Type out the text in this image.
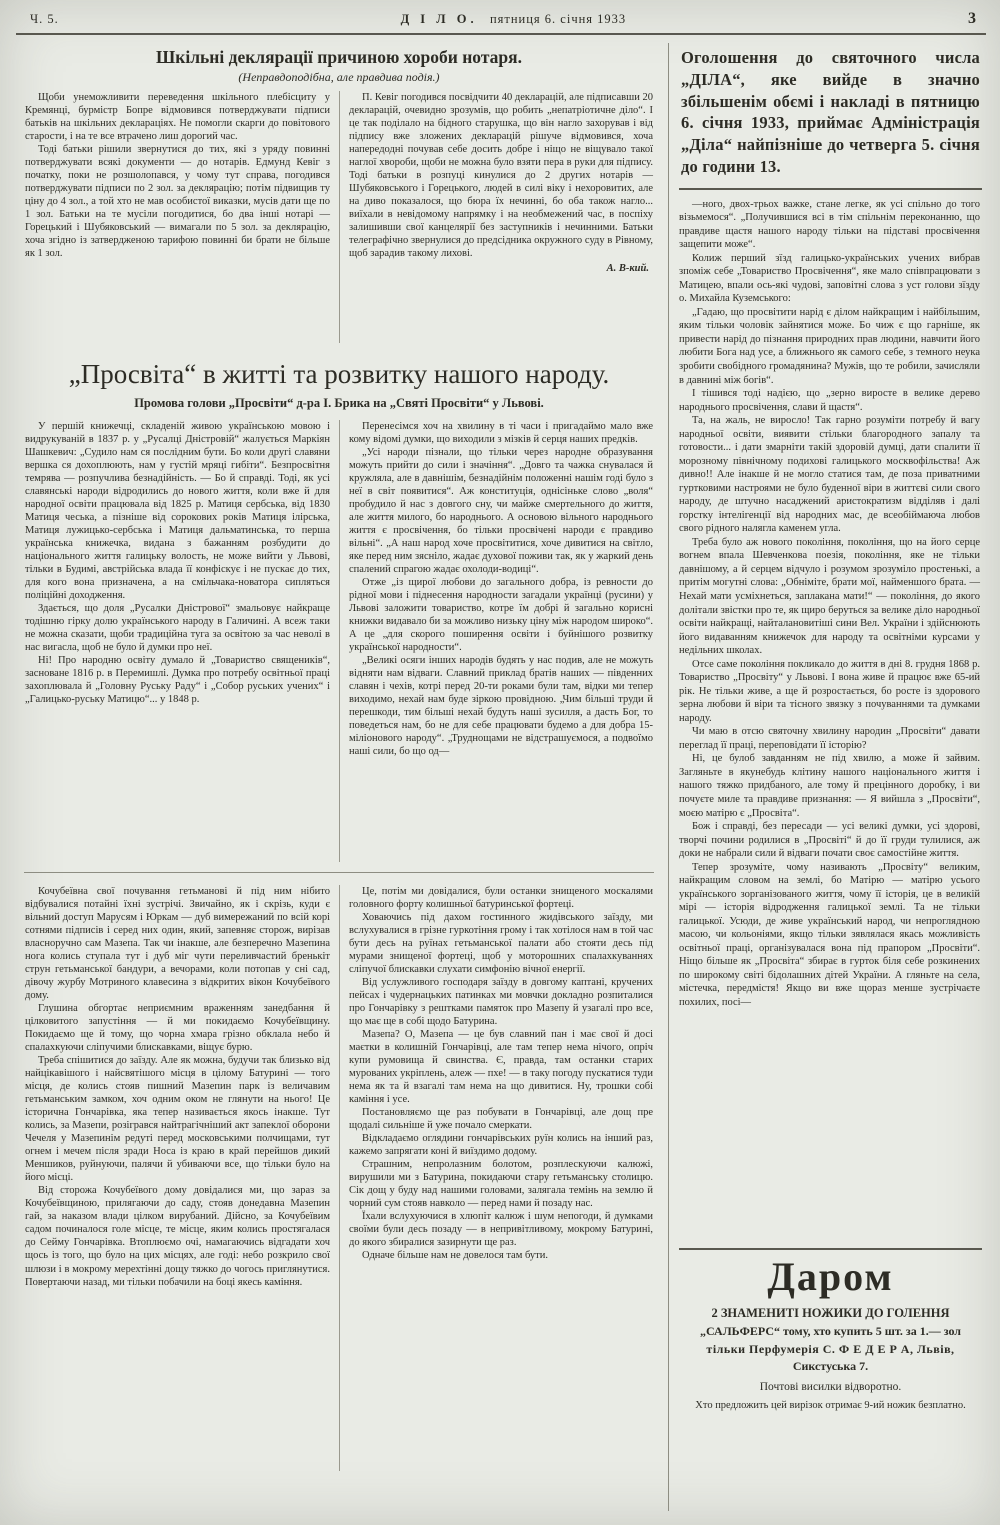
Ч. 5.	Д І Л О. пятниця 6. січня 1933	3
Шкільні деклярації причиною хороби нотаря.
(Неправдоподібна, але правдива подія.)

Щоби унеможливити переведення шкільного плебісциту у Кремянці, бурмістр Бопре відмовився потверджувати підписи батьків на шкільних деклараціях. Не помогли скарги до повітового старости, і на те все втрачено лиш дорогий час.

Тоді батьки рішили звернутися до тих, які з уряду повинні потверджувати всякі документи — до нотарів. Едмунд Кевіг з початку, поки не розшолопався, у чому тут справа, погодився потверджувати підписи по 2 зол. за деклярацію; потім підвищив ту ціну до 4 зол., а той хто не мав особистої виказки, мусів дати ще по 1 зол. Батьки на те мусіли погодитися, бо два інші нотарі — Горецький і Шубяковський — вимагали по 5 зол. за деклярацію, хоча згідно із затвердженою тарифою повинні би брати не більше як 1 зол.

П. Кевіг погодився посвідчити 40 декларацій, але підписавши 20 декларацій, очевидно зрозумів, що робить „непатріотичне діло“. І це так поділало на бідного старушка, що він нагло захорував і від підпису вже зложених декларацій рішуче відмовився, хоча напередодні почував себе досить добре і ніщо не віщувало такої наглої хвороби, щоби не можна було взяти пера в руки для підпису. Тоді батьки в розпуці кинулися до 2 других нотарів — Шубяковського і Горецького, людей в силі віку і нехоровитих, але на диво показалося, що бюра їх нечинні, бо оба також нагло... виїхали в невідомому напрямку і на необмежений час, в поспіху залишивши свої канцелярії без заступників і нечинними. Батьки телеграфічно звернулися до предсідника окружного суду в Рівному, щоб зарадив такому лихові.

А. В-кий.
„Просвіта“ в житті та розвитку нашого народу.
Промова голови „Просвіти“ д-ра І. Брика на „Святі Просвіти“ у Львові.

У першій книжечці, складеній живою українською мовою і видрукуваній в 1837 р. у „Русалці Дністровій“ жалується Маркіян Шашкевич: „Судило нам ся послідним бути. Бо коли другі славяни вершка ся дохоплюють, нам у густій мряці гибіти“. Безпросвітня темрява — розпучлива безнадійність. — Бо й справді. Тоді, як усі славянські народи відродились до нового життя, коли вже й для народної освіти працювала від 1825 р. Матиця сербська, від 1830 Матиця чеська, а пізніше від сорокових років Матиця ілірська, Матиця лужицько-сербська і Матиця дальматинська, то перша українська книжечка, видана з бажанням розбудити до національного життя галицьку волость, не може вийти у Львові, тільки в Будимі, австрійська влада її конфіскує і не пускає до тих, для кого вона призначена, а на смільчака-новатора сипляться поліційні доходження.

Здається, що доля „Русалки Дністрової“ змальовує найкраще тодішню гірку долю українського народу в Галичині. А всеж таки не можна сказати, щоби традиційна туга за освітою за час неволі в нас вигасла, щоб не було й думки про неї.

Ні! Про народню освіту думало й „Товариство священиків“, засноване 1816 р. в Перемишлі. Думка про потребу освітньої праці захоплювала й „Головну Руську Раду“ і „Собор руських учених“ і „Галицько-руську Матицю“... у 1848 р.

Перенесімся хоч на хвилину в ті часи і пригадаймо мало вже кому відомі думки, що виходили з мізків й серця наших предків.

„Усі народи пізнали, що тільки через народне образування можуть прийти до сили і значіння“. „Довго та чажка снувалася й кружляла, але в давнішім, безнадійнім положенні нашім годі було з неї в світ появитися“. Аж конституція, однісіньке слово „воля“ пробудило й нас з довгого сну, чи майже смертельного до життя, але життя милого, бо народнього. А основою вільного народнього життя є просвічення, бо тільки просвічені народи є правдиво вільні“. „А наш народ хоче просвітитися, хоче дивитися на світло, яке перед ним зясніло, жадає духової поживи так, як у жаркий день спалений спрагою жадає охолоди-водиці“.

Отже „із щирої любови до загального добра, із ревности до рідної мови і піднесення народности загадали українці (русини) у Львові заложити товариство, котре їм добрі й загально корисні книжки видавало би за можливо низьку ціну між народом широко“. А це „для скорого поширення освіти і буйнішого розвитку української народности“.

„Великі осяги інших народів будять у нас подив, але не можуть відняти нам відваги. Славний приклад братів наших — південних славян і чехів, котрі перед 20-ти роками були там, відки ми тепер виходимо, нехай нам буде зіркою провідною. „Чим більші труди й перешкоди, тим більші нехай будуть наші зусилля, а дасть Бог, то поведеться нам, бо не для себе працювати будемо а для добра 15-міліонового народу“. „Труднощами не відстрашуємося, а подвоїмо наші сили, бо що од—

Кочубеївна свої почування гетьманові й під ним нібито відбувалися потайні їхні зустрічі. Звичайно, як і скрізь, куди є вільний доступ Марусям і Юркам — дуб вимережаний по всій корі сотнями підписів і серед них один, який, запевняє сторож, вирізав власноручно сам Мазепа. Так чи інакше, але безперечно Мазепина нога колись ступала тут і дуб міг чути переливчастий бренькіт струн гетьманської бандури, а вечорами, коли потопав у сні сад, дівочу журбу Мотриного клавесина з відкритих вікон Кочубеївого дому.

Глушина обгортає неприємним враженням занедбання й цілковитого запустіння — й ми покидаємо Кочубеївщину. Покидаємо ще й тому, що чорна хмара грізно обклала небо й спалахкуючи сліпучими блискавками, віщує бурю.

Треба спішитися до заїзду. Але як можна, будучи так близько від найцікавішого і найсвятішого місця в цілому Батурині — того місця, де колись стояв пишний Мазепин парк із величавим гетьманським замком, хоч одним оком не глянути на нього! Це історична Гончарівка, яка тепер називається якось інакше. Тут колись, за Мазепи, розігрався найтрагічніший акт запеклої оборони Чечеля у Мазепинім редуті перед московськими полчищами, тут огнем і мечем після зради Носа із краю в край перейшов дикий Меншиков, руйнуючи, палячи й убиваючи все, що тільки було на його місці.

Від сторожа Кочубеївого дому довідалися ми, що зараз за Кочубеївщиною, прилягаючи до саду, стояв донедавна Мазепин гай, за наказом влади цілком вирубаний. Дійсно, за Кочубеївим садом починалося голе місце, те місце, яким колись простягалася до Сейму Гончарівка. Втоплюємо очі, намагаючись відгадати хоч щось із того, що було на цих місцях, але годі: небо розкрило свої шлюзи і в мокрому мерехтінні дощу тяжко до чогось приглянутися. Повертаючи назад, ми тільки побачили на боці якесь каміння.

Це, потім ми довідалися, були останки знищеного москалями головного форту колишньої батуринської фортеці.

Ховаючись під дахом гостинного жидівського заїзду, ми вслухувалися в грізне гуркотіння грому і так хотілося нам в той час бути десь на руїнах гетьманської палати або стояти десь під мурами знищеної фортеці, щоб у моторошних спалахкуваннях сліпучої блискавки слухати симфонію вічної енергії.

Від услужливого господаря заїзду в довгому каптані, кручених пейсах і чудернацьких патинках ми мовчки докладно розпиталися про Гончарівку з рештками памяток про Мазепу й узагалі про все, що має ще в собі щодо Батурина.

Мазепа? О, Мазепа — це був славний пан і має свої й досі маєтки в колишній Гончарівці, але там тепер нема нічого, опріч купи румовища й свинства. Є, правда, там останки старих мурованих укріплень, алеж — пхе! — в таку погоду пускатися туди нема як та й взагалі там нема на що дивитися. Ну, трошки собі каміння і усе.

Постановляємо ще раз побувати в Гончарівці, але дощ пре щодалі сильніше й уже почало смеркати.

Відкладаємо оглядини гончарівських руїн колись на інший раз, кажемо запрягати коні й виїздимо додому.

Страшним, непролазним болотом, розплескуючи калюжі, вирушили ми з Батурина, покидаючи стару гетьманську столицю. Сік дощ у буду над нашими головами, залягала темінь на землю й чорний сум стояв навколо — перед нами й позаду нас.

Їхали вслухуючися в хлюпіт калюж і шум непогоди, й думками своїми були десь позаду — в непривітливому, мокрому Батурині, до якого збиралися зазирнути ще раз.

Одначе більше нам не довелося там бути.

Оголошення до святочного числа „ДІЛА“, яке вийде в значно збільшенім обємі і накладі в пятницю 6. січня 1933, приймає Адміністрація „Діла“ найпізніше до четверга 5. січня до години 13.

—ного, двох-трьох важке, стане легке, як усі спільно до того візьмемося“. „Получившися всі в тім спільнім переконанню, що правдиве щастя нашого народу тільки на підставі просвічення защепити може“.

Колиж перший зїзд галицько-українських учених вибрав зпоміж себе „Товариство Просвічення“, яке мало співпрацювати з Матицею, впали ось-які чудові, заповітні слова з уст голови зїзду о. Михайла Куземського:

„Гадаю, що просвітити нарід є ділом найкращим і найбільшим, яким тільки чоловік зайнятися може. Бо чиж є що гарніше, як привести нарід до пізнання природних прав людини, навчити його любити Бога над усе, а ближнього як самого себе, з темного неука зробити свобідного громадянина? Мужів, що те робили, зачисляли в давнині між богів“.

І тішився тоді надією, що „зерно виросте в велике дерево народнього просвічення, слави й щастя“.

Та, на жаль, не виросло! Так гарно розуміти потребу й вагу народньої освіти, виявити стільки благородного запалу та готовости... і дати змарніти такій здоровій думці, дати спалити її морозному північному подихові галицького москвофільства! Аж дивно!! Але інакше й не могло статися там, де поза приватними гуртковими настроями не було буденної віри в життєві сили свого народу, де штучно насаджений аристократизм відділяв і далі горстку інтелігенції від народних мас, де всеобіймаюча любов свого рідного налягла каменем угла.

Треба було аж нового покоління, покоління, що на його серце вогнем впала Шевченкова поезія, покоління, яке не тільки давнішому, а й серцем відчуло і розумом зрозуміло простенькі, а притім могутні слова: „Обніміте, брати мої, найменшого брата. — Нехай мати усміхнеться, заплакана мати!“ — покоління, до якого долітали звістки про те, як щиро беруться за велике діло народньої освіти найкращі, найталановитіші сини Вел. України і здійснюють його видаванням книжечок для народу та освітніми курсами у недільних школах.

Отсе саме покоління покликало до життя в дні 8. грудня 1868 р. Товариство „Просвіту“ у Львові. І вона живе й працює вже 65-ий рік. Не тільки живе, а ще й розростається, бо росте із здорового зерна любови й віри та тісного звязку з почуваннями та думками народу.

Чи маю в отсю святочну хвилину народин „Просвіти“ давати переглад її праці, переповідати її історію?

Ні, це булоб завданням не під хвилю, а може й зайвим. Загляньте в якунебудь клітину нашого національного життя і нашого тяжко придбаного, але тому й прецінного доробку, і ви почуєте миле та правдиве признання: — Я вийшла з „Просвіти“, моєю матірю є „Просвіта“.

Бож і справді, без пересади — усі великі думки, усі здорові, творчі почини родилися в „Просвіті“ й до її груди тулилися, аж доки не набрали сили й відваги почати своє самостійне життя.

Тепер зрозуміте, чому називають „Просвіту“ великим, найкращим словом на землі, бо Матірю — матірю усього українського зорганізованого життя, чому її історія, це в великій мірі — історія відродження галицької землі. Та не тільки галицької. Усюди, де живе український народ, чи непроглядною масою, чи кольоніями, якщо тільки зявлялася якась можливість освітньої праці, організувалася вона під прапором „Просвіти“. Ніщо більше як „Просвіта“ збирає в гурток біля себе розкинених по широкому світі бідолашних дітей України. А гляньте на села, містечка, передмістя! Якщо ви вже щораз менше зустрічаєте похилих, посі—

Даром
2 ЗНАМЕНИТІ НОЖИКИ ДО ГОЛЕННЯ
„САЛЬФЕРС“ тому, хто купить 5 шт. за 1.— зол
тільки Перфумерія С. Ф Е Д Е Р А, Львів,
Сикстуська 7.
Почтові висилки відворотно.
Хто предложить цей вирізок отримає 9-ий ножик безплатно.
